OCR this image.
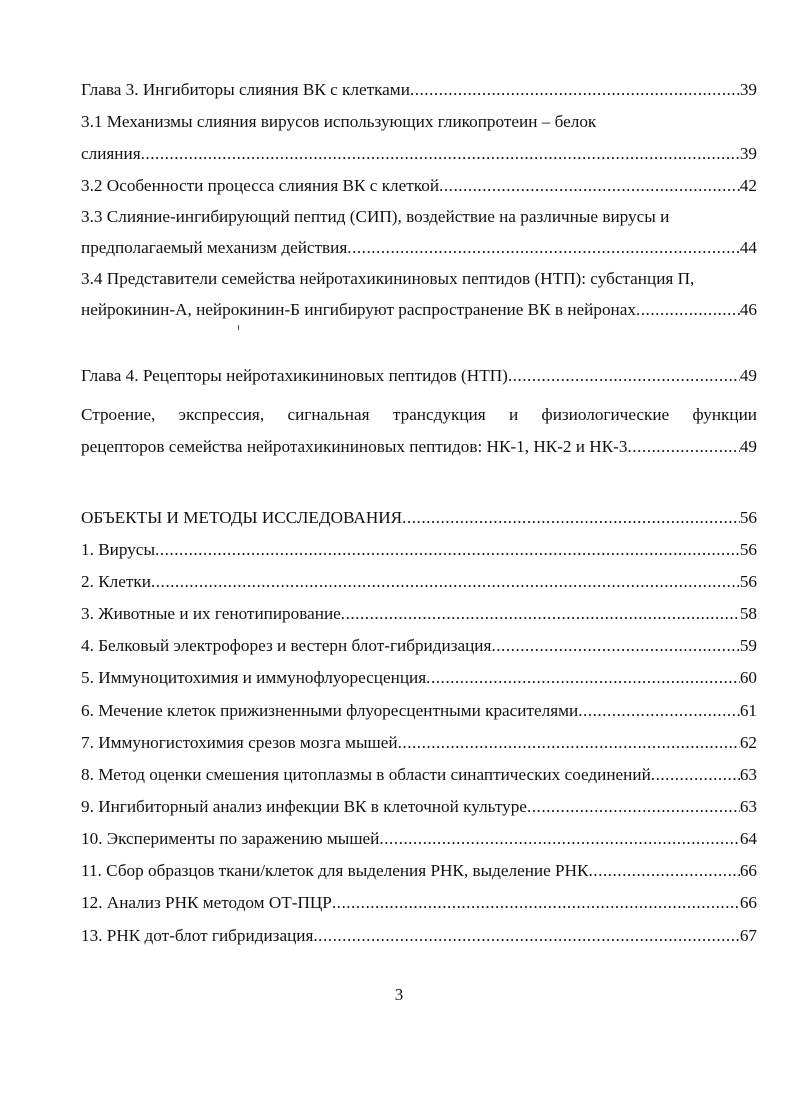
Глава 3. Ингибиторы слияния ВК с клетками .....	39
3.1 Механизмы слияния вирусов использующих гликопротеин – белок
слияния .....	39
3.2 Особенности процесса слияния ВК с клеткой .....	42
3.3 Слияние-ингибирующий пептид (СИП), воздействие на различные вирусы и
предполагаемый механизм действия .....	44
3.4 Представители семейства нейротахикининовых пептидов (НТП): субстанция П,
нейрокинин-А, нейрокинин-Б ингибируют распространение ВК в нейронах .....	46
Глава 4. Рецепторы нейротахикининовых пептидов (НТП) .....	49
Строение, экспрессия, сигнальная трансдукция и физиологические функции
рецепторов семейства нейротахикининовых пептидов: НК-1, НК-2 и НК-3 .....	49
ОБЪЕКТЫ И МЕТОДЫ ИССЛЕДОВАНИЯ .....	56
1. Вирусы .....	56
2. Клетки .....	56
3. Животные и их генотипирование .....	58
4. Белковый электрофорез и вестерн блот-гибридизация .....	59
5. Иммуноцитохимия и иммунофлуоресценция .....	60
6. Мечение клеток прижизненными флуоресцентными красителями .....	61
7. Иммуногистохимия срезов мозга мышей .....	62
8. Метод оценки смешения цитоплазмы в области синаптических соединений .....	63
9. Ингибиторный анализ инфекции ВК в клеточной культуре .....	63
10. Эксперименты по заражению мышей .....	64
11. Сбор образцов ткани/клеток для выделения РНК, выделение РНК .....	66
12. Анализ РНК методом ОТ-ПЦР .....	66
13. РНК дот-блот гибридизация .....	67
3
